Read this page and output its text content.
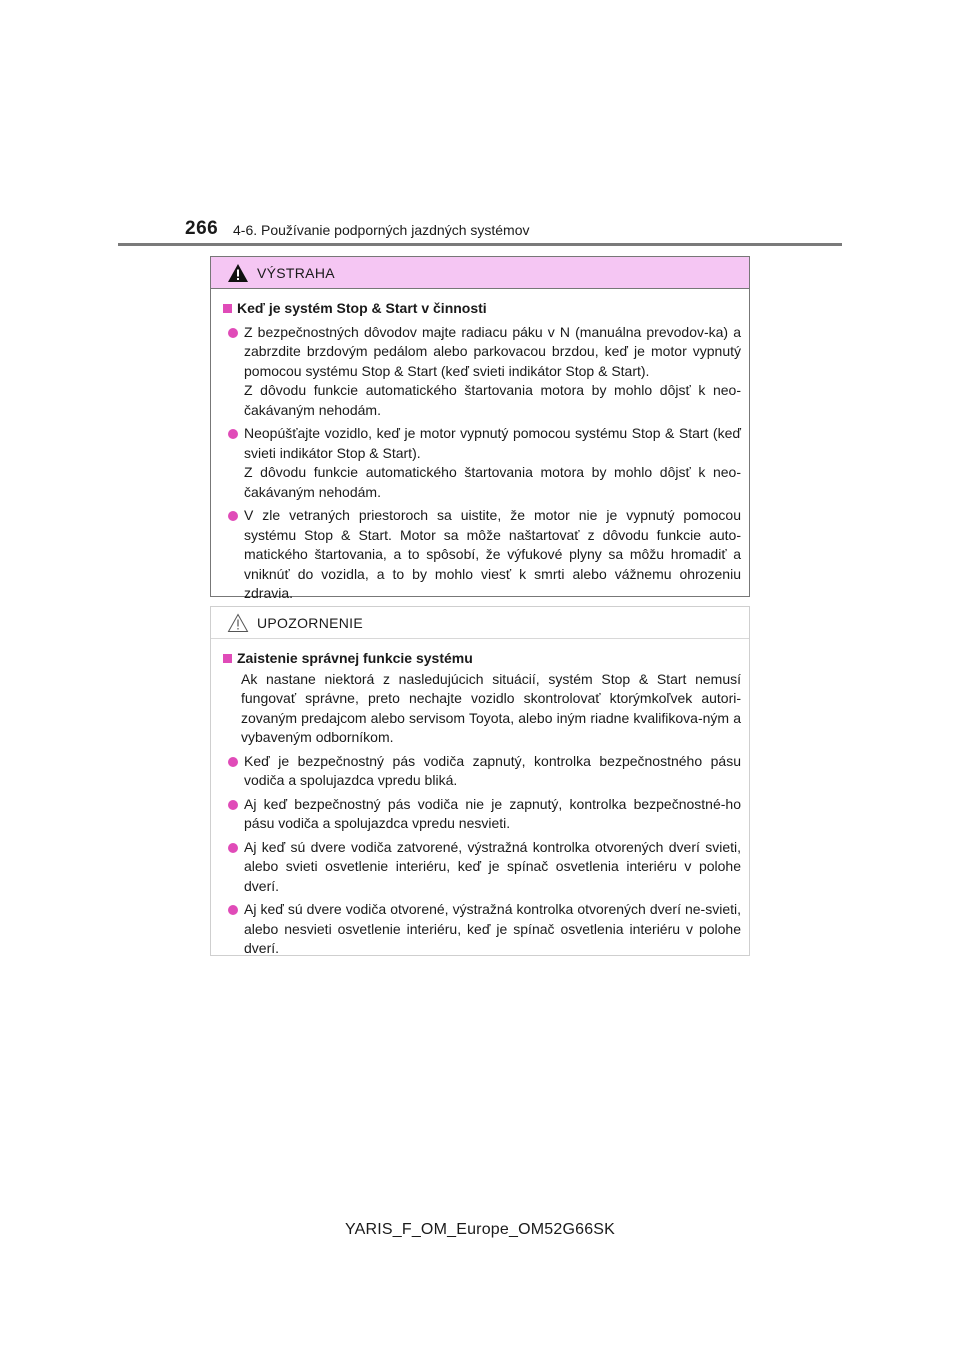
266 4-6. Používanie podporných jazdných systémov
VÝSTRAHA
Keď je systém Stop & Start v činnosti
Z bezpečnostných dôvodov majte radiacu páku v N (manuálna prevodov-ka) a zabrzdite brzdovým pedálom alebo parkovacou brzdou, keď je motor vypnutý pomocou systému Stop & Start (keď svieti indikátor Stop & Start).
Z dôvodu funkcie automatického štartovania motora by mohlo dôjsť k neo-čakávaným nehodám.
Neopúšťajte vozidlo, keď je motor vypnutý pomocou systému Stop & Start (keď svieti indikátor Stop & Start).
Z dôvodu funkcie automatického štartovania motora by mohlo dôjsť k neo-čakávaným nehodám.
V zle vetraných priestoroch sa uistite, že motor nie je vypnutý pomocou systému Stop & Start. Motor sa môže naštartovať z dôvodu funkcie auto-matického štartovania, a to spôsobí, že výfukové plyny sa môžu hromadiť a vniknúť do vozidla, a to by mohlo viesť k smrti alebo vážnemu ohrozeniu zdravia.
UPOZORNENIE
Zaistenie správnej funkcie systému
Ak nastane niektorá z nasledujúcich situácií, systém Stop & Start nemusí fungovať správne, preto nechajte vozidlo skontrolovať ktorýmkoľvek autori-zovaným predajcom alebo servisom Toyota, alebo iným riadne kvalifikova-ným a vybaveným odborníkom.
Keď je bezpečnostný pás vodiča zapnutý, kontrolka bezpečnostného pásu vodiča a spolujazdca vpredu bliká.
Aj keď bezpečnostný pás vodiča nie je zapnutý, kontrolka bezpečnostné-ho pásu vodiča a spolujazdca vpredu nesvieti.
Aj keď sú dvere vodiča zatvorené, výstražná kontrolka otvorených dverí svieti, alebo svieti osvetlenie interiéru, keď je spínač osvetlenia interiéru v polohe dverí.
Aj keď sú dvere vodiča otvorené, výstražná kontrolka otvorených dverí ne-svieti, alebo nesvieti osvetlenie interiéru, keď je spínač osvetlenia interiéru v polohe dverí.
YARIS_F_OM_Europe_OM52G66SK
